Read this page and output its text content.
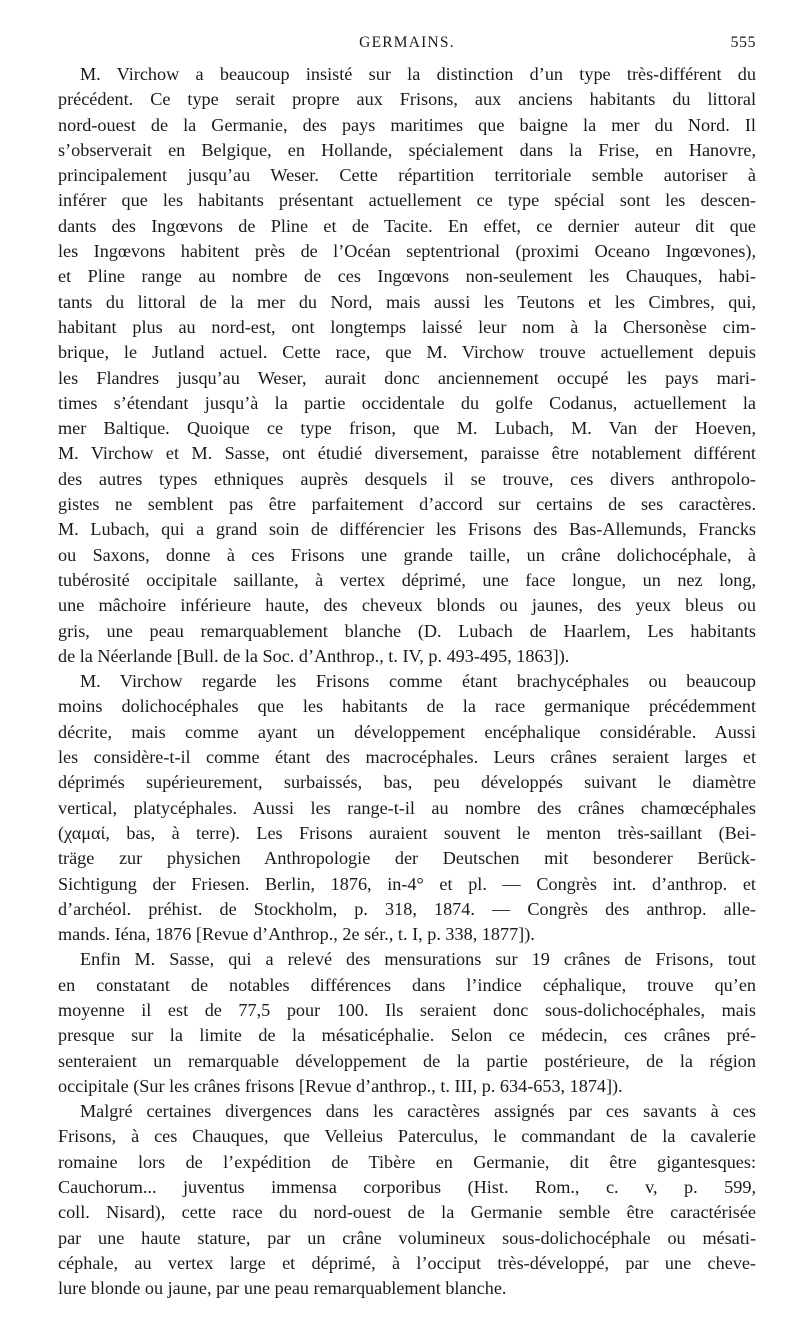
GERMAINS.	555
M. Virchow a beaucoup insisté sur la distinction d’un type très-différent du
précédent. Ce type serait propre aux Frisons, aux anciens habitants du littoral
nord-ouest de la Germanie, des pays maritimes que baigne la mer du Nord. Il
s’observerait en Belgique, en Hollande, spécialement dans la Frise, en Hanovre,
principalement jusqu’au Weser. Cette répartition territoriale semble autoriser à
inférer que les habitants présentant actuellement ce type spécial sont les descen-
dants des Ingœvons de Pline et de Tacite. En effet, ce dernier auteur dit que
les Ingœvons habitent près de l’Océan septentrional (proximi Oceano Ingœvones),
et Pline range au nombre de ces Ingœvons non-seulement les Chauques, habi-
tants du littoral de la mer du Nord, mais aussi les Teutons et les Cimbres, qui,
habitant plus au nord-est, ont longtemps laissé leur nom à la Chersonèse cim-
brique, le Jutland actuel. Cette race, que M. Virchow trouve actuellement depuis
les Flandres jusqu’au Weser, aurait donc anciennement occupé les pays mari-
times s’étendant jusqu’à la partie occidentale du golfe Codanus, actuellement la
mer Baltique. Quoique ce type frison, que M. Lubach, M. Van der Hoeven,
M. Virchow et M. Sasse, ont étudié diversement, paraisse être notablement différent
des autres types ethniques auprès desquels il se trouve, ces divers anthropolo-
gistes ne semblent pas être parfaitement d’accord sur certains de ses caractères.
M. Lubach, qui a grand soin de différencier les Frisons des Bas-Allemunds, Francks
ou Saxons, donne à ces Frisons une grande taille, un crâne dolichocéphale, à
tubérosité occipitale saillante, à vertex déprimé, une face longue, un nez long,
une mâchoire inférieure haute, des cheveux blonds ou jaunes, des yeux bleus ou
gris, une peau remarquablement blanche (D. Lubach de Haarlem, Les habitants
de la Néerlande [Bull. de la Soc. d’Anthrop., t. IV, p. 493-495, 1863]).
M. Virchow regarde les Frisons comme étant brachycéphales ou beaucoup
moins dolichocéphales que les habitants de la race germanique précédemment
décrite, mais comme ayant un développement encéphalique considérable. Aussi
les considère-t-il comme étant des macrocéphales. Leurs crânes seraient larges et
déprimés supérieurement, surbaissés, bas, peu développés suivant le diamètre
vertical, platycéphales. Aussi les range-t-il au nombre des crânes chamœcéphales
(χαμαί, bas, à terre). Les Frisons auraient souvent le menton très-saillant (Bei-
träge zur physichen Anthropologie der Deutschen mit besonderer Berück-
Sichtigung der Friesen. Berlin, 1876, in-4° et pl. — Congrès int. d’anthrop. et
d’archéol. préhist. de Stockholm, p. 318, 1874. — Congrès des anthrop. alle-
mands. Iéna, 1876 [Revue d’Anthrop., 2e sér., t. I, p. 338, 1877]).
Enfin M. Sasse, qui a relevé des mensurations sur 19 crânes de Frisons, tout
en constatant de notables différences dans l’indice céphalique, trouve qu’en
moyenne il est de 77,5 pour 100. Ils seraient donc sous-dolichocéphales, mais
presque sur la limite de la mésaticéphalie. Selon ce médecin, ces crânes pré-
senteraient un remarquable développement de la partie postérieure, de la région
occipitale (Sur les crânes frisons [Revue d’anthrop., t. III, p. 634-653, 1874]).
Malgré certaines divergences dans les caractères assignés par ces savants à ces
Frisons, à ces Chauques, que Velleius Paterculus, le commandant de la cavalerie
romaine lors de l’expédition de Tibère en Germanie, dit être gigantesques:
Cauchorum... juventus immensa corporibus (Hist. Rom., c. v, p. 599,
coll. Nisard), cette race du nord-ouest de la Germanie semble être caractérisée
par une haute stature, par un crâne volumineux sous-dolichocéphale ou mésati-
céphale, au vertex large et déprimé, à l’occiput très-développé, par une cheve-
lure blonde ou jaune, par une peau remarquablement blanche.
